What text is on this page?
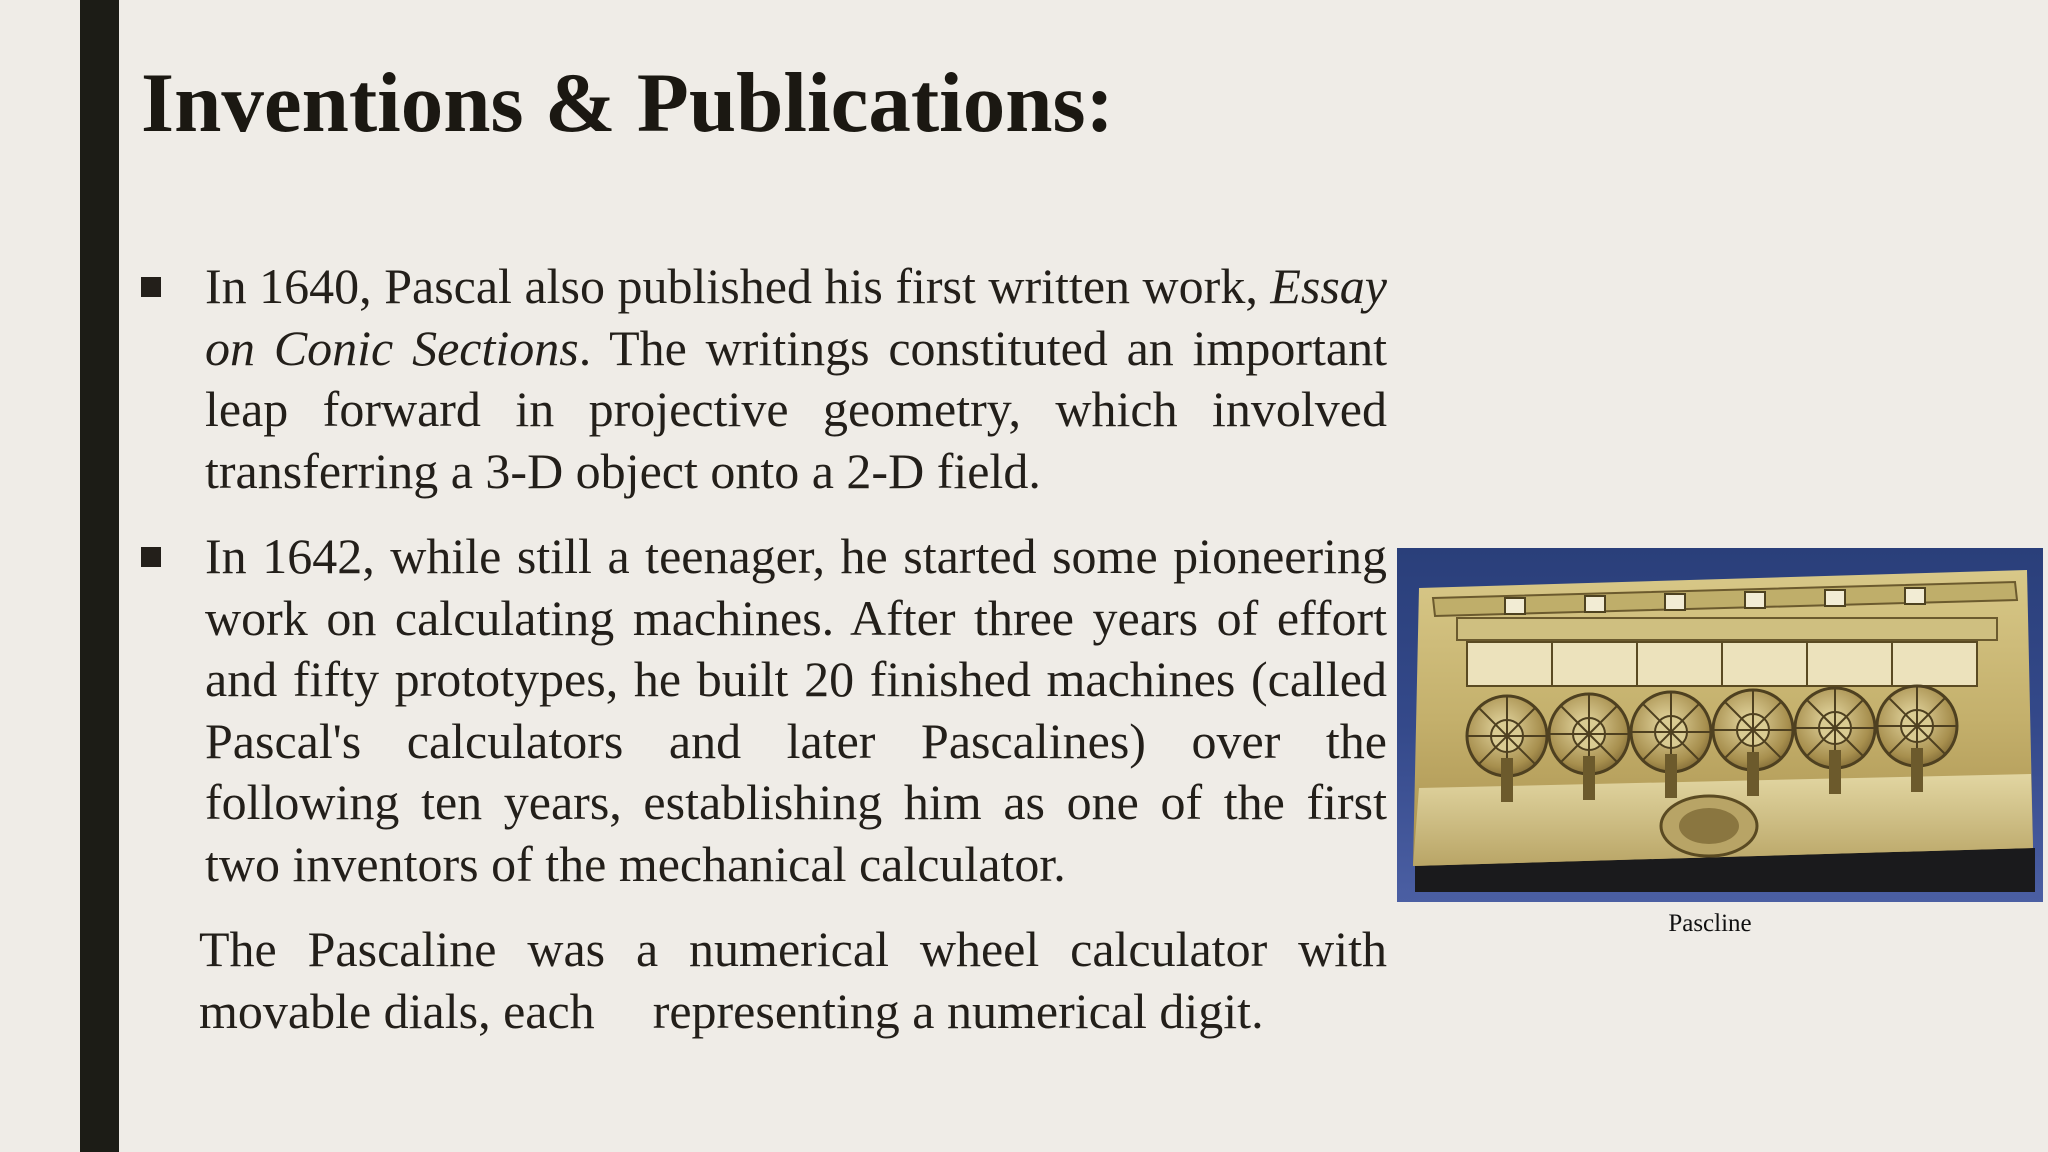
Inventions & Publications:

In 1640, Pascal also published his first written work, Essay on Conic Sections. The writings constituted an important leap forward in projective geometry, which involved transferring a 3-D object onto a 2-D field.

In 1642, while still a teenager, he started some pioneering work on calculating machines. After three years of effort and fifty prototypes, he built 20 finished machines (called Pascal's calculators and later Pascalines) over the following ten years, establishing him as one of the first two inventors of the mechanical calculator.

The Pascaline was a numerical wheel calculator with movable dials, each representing a numerical digit.

Pascline
